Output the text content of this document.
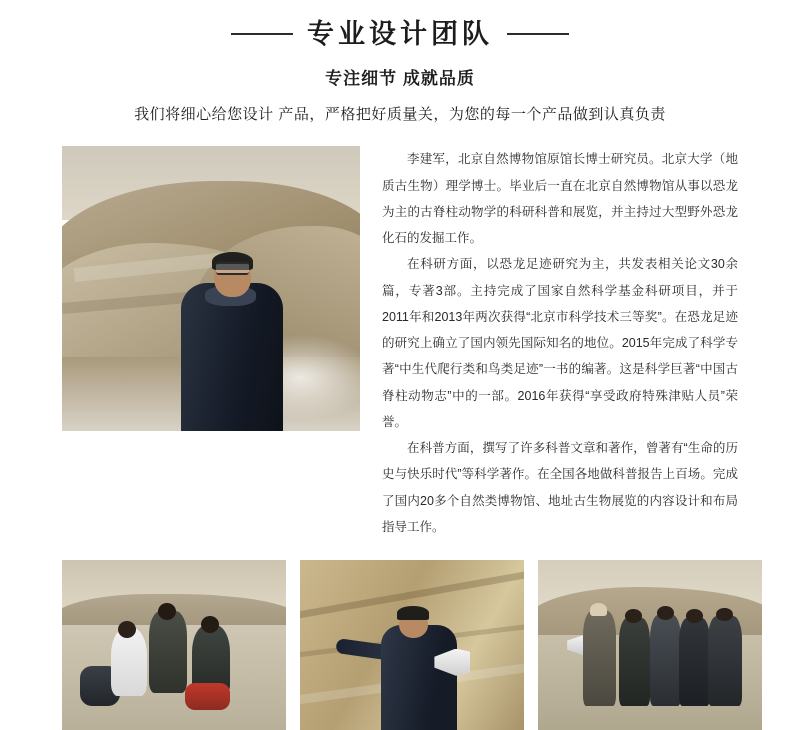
专业设计团队
专注细节 成就品质
我们将细心给您设计 产品，严格把好质量关，为您的每一个产品做到认真负责

李建军，北京自然博物馆原馆长博士研究员。北京大学（地质古生物）理学博士。毕业后一直在北京自然博物馆从事以恐龙为主的古脊柱动物学的科研科普和展览，并主持过大型野外恐龙化石的发掘工作。

在科研方面，以恐龙足迹研究为主，共发表相关论文30余篇，专著3部。主持完成了国家自然科学基金科研项目，并于2011年和2013年两次获得“北京市科学技术三等奖”。在恐龙足迹的研究上确立了国内领先国际知名的地位。2015年完成了科学专著“中生代爬行类和鸟类足迹”一书的编著。这是科学巨著“中国古脊柱动物志”中的一部。2016年获得“享受政府特殊津贴人员”荣誉。

在科普方面，撰写了许多科普文章和著作，曾著有“生命的历史与快乐时代”等科学著作。在全国各地做科普报告上百场。完成了国内20多个自然类博物馆、地址古生物展览的内容设计和布局指导工作。
